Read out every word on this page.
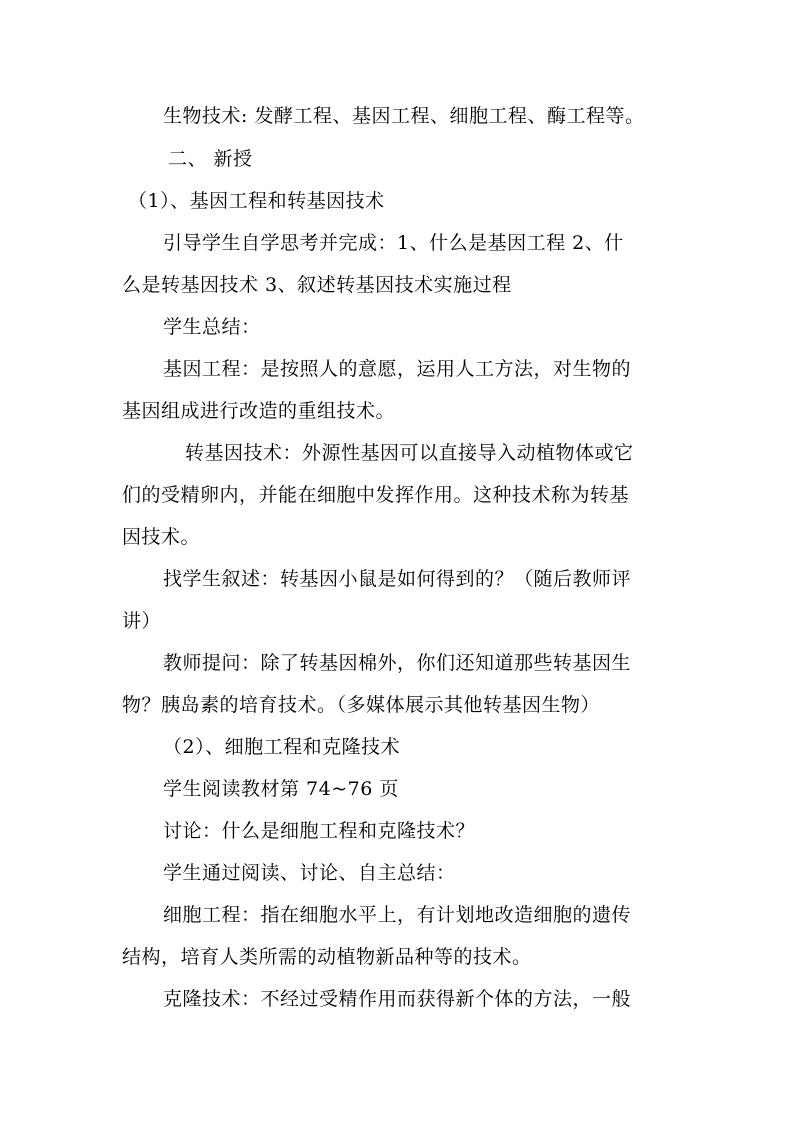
生物技术: 发酵工程、基因工程、细胞工程、酶工程等。
二、 新授
（1）、基因工程和转基因技术
引导学生自学思考并完成：1、什么是基因工程 2、什
么是转基因技术 3、叙述转基因技术实施过程
学生总结：
基因工程：是按照人的意愿，运用人工方法，对生物的
基因组成进行改造的重组技术。
转基因技术：外源性基因可以直接导入动植物体或它
们的受精卵内，并能在细胞中发挥作用。这种技术称为转基
因技术。
找学生叙述：转基因小鼠是如何得到的？（随后教师评
讲）
教师提问：除了转基因棉外，你们还知道那些转基因生
物？胰岛素的培育技术。（多媒体展示其他转基因生物）
（2）、细胞工程和克隆技术
学生阅读教材第 74~76 页
讨论：什么是细胞工程和克隆技术？
学生通过阅读、讨论、自主总结：
细胞工程：指在细胞水平上，有计划地改造细胞的遗传
结构，培育人类所需的动植物新品种等的技术。
克隆技术：不经过受精作用而获得新个体的方法，一般
